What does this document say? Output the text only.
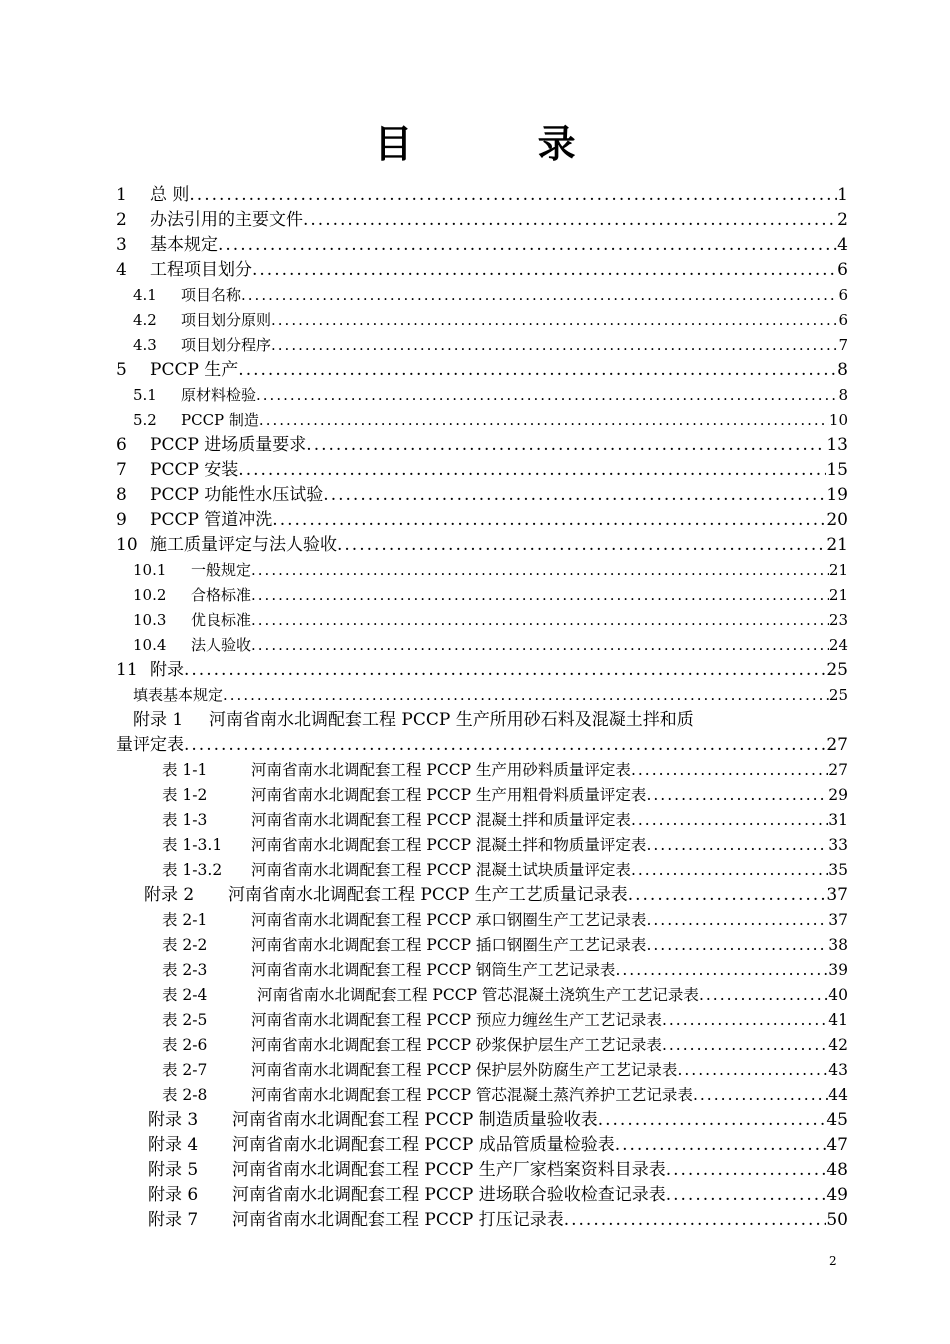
目 录
1	总 则 .....	1
2	办法引用的主要文件 .....	2
3	基本规定 .....	4
4	工程项目划分 .....	6
4.1	项目名称 .....	6
4.2	项目划分原则 .....	6
4.3	项目划分程序 .....	7
5	PCCP 生产 .....	8
5.1	原材料检验 .....	8
5.2	PCCP 制造 .....	10
6	PCCP 进场质量要求 .....	13
7	PCCP 安装 .....	15
8	PCCP 功能性水压试验 .....	19
9	PCCP 管道冲洗 .....	20
10 施工质量评定与法人验收 .....	21
10.1	一般规定 .....	21
10.2	合格标准 .....	21
10.3	优良标准 .....	23
10.4	法人验收 .....	24
11 附录 .....	25
填表基本规定 .....	25
附录 1 河南省南水北调配套工程 PCCP 生产所用砂石料及混凝土拌和质
量评定表 .....	27
表 1-1	河南省南水北调配套工程 PCCP 生产用砂料质量评定表 .....	27
表 1-2	河南省南水北调配套工程 PCCP 生产用粗骨料质量评定表 .....	29
表 1-3	河南省南水北调配套工程 PCCP 混凝土拌和质量评定表 .....	31
表 1-3.1	河南省南水北调配套工程 PCCP 混凝土拌和物质量评定表 .....	33
表 1-3.2	河南省南水北调配套工程 PCCP 混凝土试块质量评定表 .....	35
附录 2	河南省南水北调配套工程 PCCP 生产工艺质量记录表 .....	37
表 2-1	河南省南水北调配套工程 PCCP 承口钢圈生产工艺记录表 .....	37
表 2-2	河南省南水北调配套工程 PCCP 插口钢圈生产工艺记录表 .....	38
表 2-3	河南省南水北调配套工程 PCCP 钢筒生产工艺记录表 .....	39
表 2-4	河南省南水北调配套工程 PCCP 管芯混凝土浇筑生产工艺记录表 .....	40
表 2-5	河南省南水北调配套工程 PCCP 预应力缠丝生产工艺记录表 .....	41
表 2-6	河南省南水北调配套工程 PCCP 砂浆保护层生产工艺记录表 .....	42
表 2-7	河南省南水北调配套工程 PCCP 保护层外防腐生产工艺记录表 .....	43
表 2-8	河南省南水北调配套工程 PCCP 管芯混凝土蒸汽养护工艺记录表 .....	44
附录 3	河南省南水北调配套工程 PCCP 制造质量验收表 .....	45
附录 4	河南省南水北调配套工程 PCCP 成品管质量检验表 .....	47
附录 5	河南省南水北调配套工程 PCCP 生产厂家档案资料目录表 .....	48
附录 6	河南省南水北调配套工程 PCCP 进场联合验收检查记录表 .....	49
附录 7	河南省南水北调配套工程 PCCP 打压记录表 .....	50
2
